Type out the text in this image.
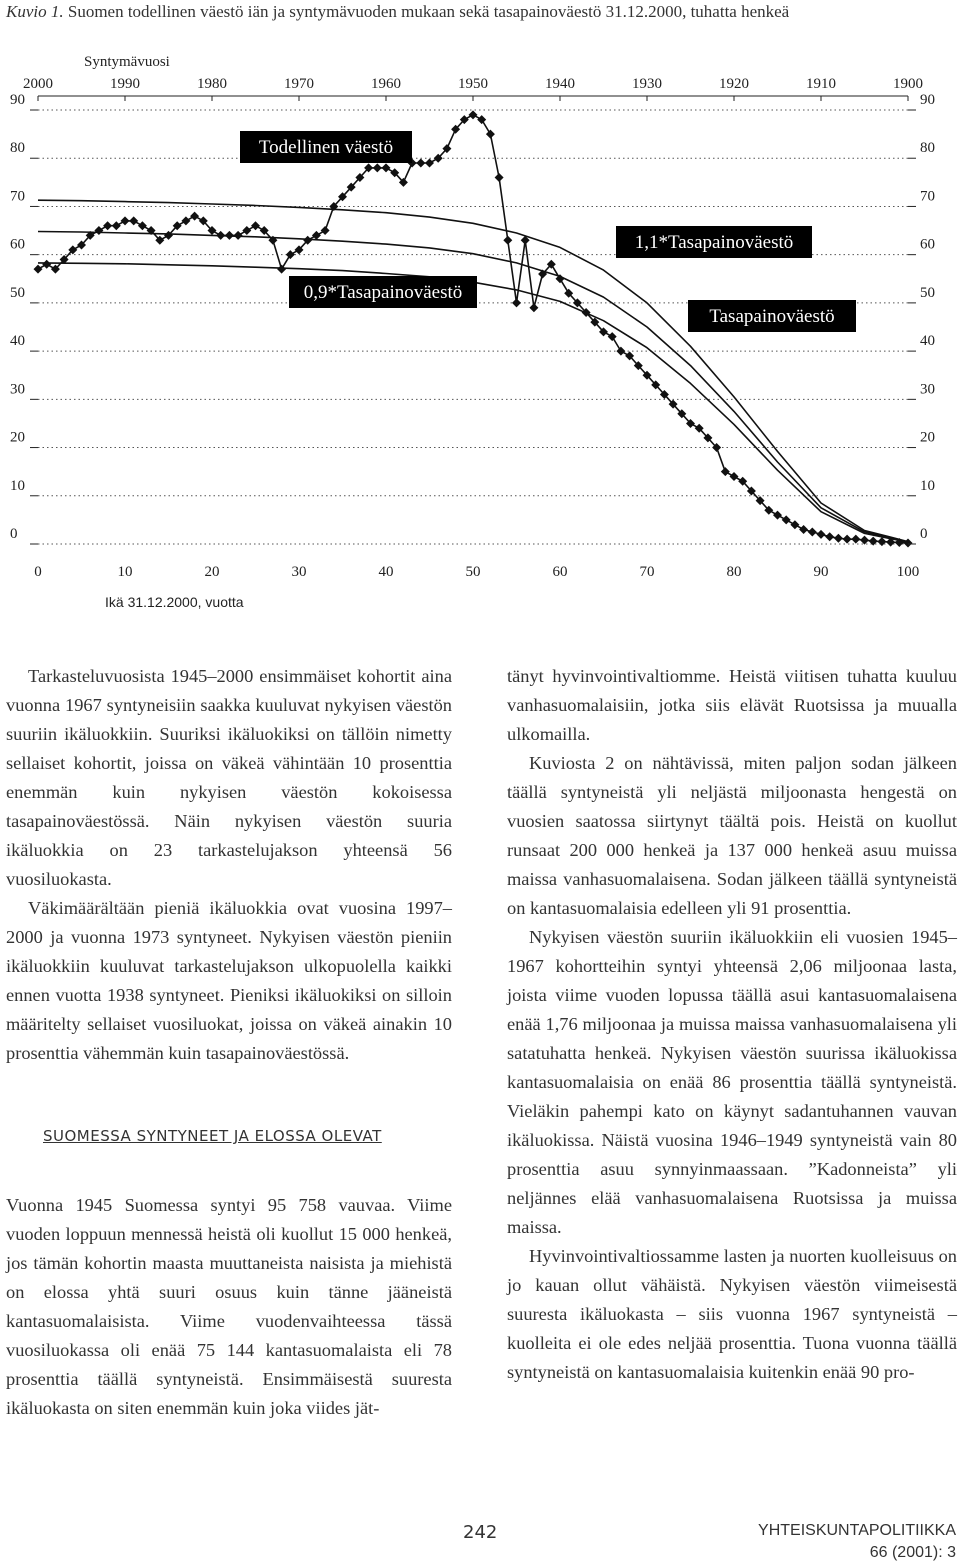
Kuvio 1. Suomen todellinen väestö iän ja syntymävuoden mukaan sekä tasapainoväestö 31.12.2000, tuhatta henkeä
0	0
10	10
20	20
30	30
40	40
50	50
60	60
70	70
80	80
90	90
2000	1990	1980	1970	1960	1950	1940	1930	1920	1910	1900
Syntymävuosi
0	10	20	30	40	50	60	70	80	90	100
Ikä 31.12.2000, vuotta
Todellinen väestö
1,1*Tasapainoväestö
0,9*Tasapainoväestö
Tasapainoväestö

Tarkasteluvuosista 1945–2000 ensimmäiset kohortit aina vuonna 1967 syntyneisiin saakka kuuluvat nykyisen väestön suuriin ikäluokkiin. Suuriksi ikäluokiksi on tällöin nimetty sellaiset kohortit, joissa on väkeä vähintään 10 prosenttia enemmän kuin nykyisen väestön kokoisessa tasapainoväestössä. Näin nykyisen väestön suuria ikäluokkia on 23 tarkastelujakson yhteensä 56 vuosiluokasta.

Väkimäärältään pieniä ikäluokkia ovat vuosina 1997–2000 ja vuonna 1973 syntyneet. Nykyisen väestön pieniin ikäluokkiin kuuluvat tarkastelujakson ulkopuolella kaikki ennen vuotta 1938 syntyneet. Pieniksi ikäluokiksi on silloin määritelty sellaiset vuosiluokat, joissa on väkeä ainakin 10 prosenttia vähemmän kuin tasapainoväestössä.

SUOMESSA SYNTYNEET JA ELOSSA OLEVAT

Vuonna 1945 Suomessa syntyi 95 758 vauvaa. Viime vuoden loppuun mennessä heistä oli kuollut 15 000 henkeä, jos tämän kohortin maasta muuttaneista naisista ja miehistä on elossa yhtä suuri osuus kuin tänne jääneistä kantasuomalaisista. Viime vuodenvaihteessa tässä vuosiluokassa oli enää 75 144 kantasuomalaista eli 78 prosenttia täällä syntyneistä. Ensimmäisestä suuresta ikäluokasta on siten enemmän kuin joka viides jät-

tänyt hyvinvointivaltiomme. Heistä viitisen tuhatta kuuluu vanhasuomalaisiin, jotka siis elävät Ruotsissa ja muualla ulkomailla.

Kuviosta 2 on nähtävissä, miten paljon sodan jälkeen täällä syntyneistä yli neljästä miljoonasta hengestä on vuosien saatossa siirtynyt täältä pois. Heistä on kuollut runsaat 200 000 henkeä ja 137 000 henkeä asuu muissa maissa vanhasuomalaisena. Sodan jälkeen täällä syntyneistä on kantasuomalaisia edelleen yli 91 prosenttia.

Nykyisen väestön suuriin ikäluokkiin eli vuosien 1945–1967 kohortteihin syntyi yhteensä 2,06 miljoonaa lasta, joista viime vuoden lopussa täällä asui kantasuomalaisena enää 1,76 miljoonaa ja muissa maissa vanhasuomalaisena yli satatuhatta henkeä. Nykyisen väestön suurissa ikäluokissa kantasuomalaisia on enää 86 prosenttia täällä syntyneistä. Vieläkin pahempi kato on käynyt sadantuhannen vauvan ikäluokissa. Näistä vuosina 1946–1949 syntyneistä vain 80 prosenttia asuu synnyinmaassaan. ”Kadonneista” yli neljännes elää vanhasuomalaisena Ruotsissa ja muissa maissa.

Hyvinvointivaltiossamme lasten ja nuorten kuolleisuus on jo kauan ollut vähäistä. Nykyisen väestön viimeisestä suuresta ikäluokasta – siis vuonna 1967 syntyneistä – kuolleita ei ole edes neljää prosenttia. Tuona vuonna täällä syntyneistä on kantasuomalaisia kuitenkin enää 90 pro-

242	YHTEISKUNTAPOLITIIKKA
66 (2001): 3
